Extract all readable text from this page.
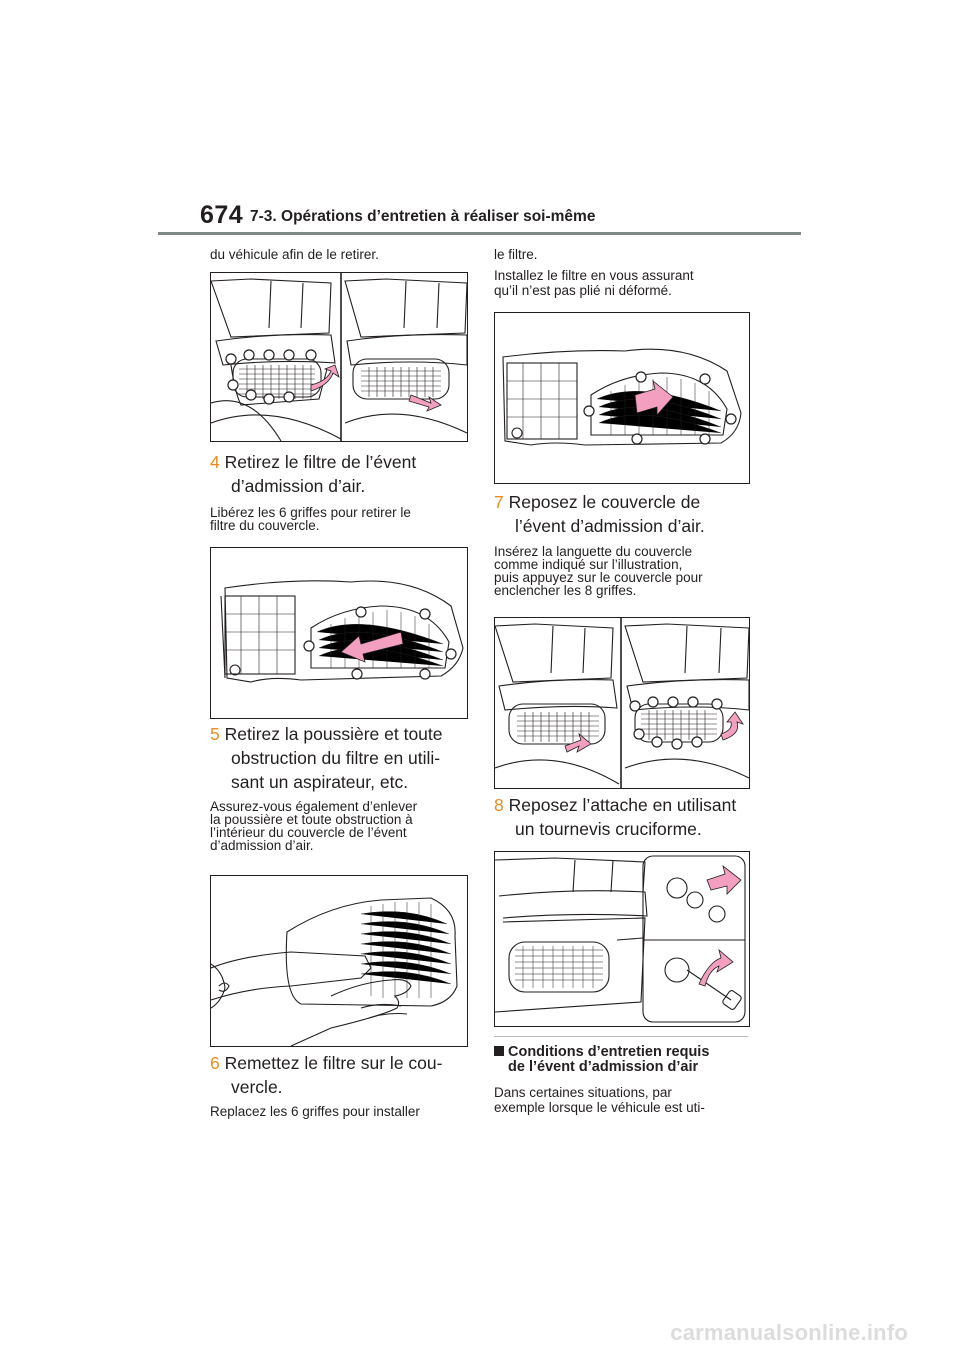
674 7-3. Opérations d’entretien à réaliser soi-même
du véhicule afin de le retirer.
4 Retirez le filtre de l’évent
d’admission d’air.
Libérez les 6 griffes pour retirer le
filtre du couvercle.
5 Retirez la poussière et toute
obstruction du filtre en utili-
sant un aspirateur, etc.
Assurez-vous également d’enlever
la poussière et toute obstruction à
l’intérieur du couvercle de l’évent
d’admission d’air.
6 Remettez le filtre sur le cou-
vercle.
Replacez les 6 griffes pour installer
le filtre.
Installez le filtre en vous assurant
qu’il n’est pas plié ni déformé.
7 Reposez le couvercle de
l’évent d’admission d’air.
Insérez la languette du couvercle
comme indiqué sur l’illustration,
puis appuyez sur le couvercle pour
enclencher les 8 griffes.
8 Reposez l’attache en utilisant
un tournevis cruciforme.
Conditions d’entretien requis
de l’évent d’admission d’air
Dans certaines situations, par
exemple lorsque le véhicule est uti-
carmanualsonline.info
